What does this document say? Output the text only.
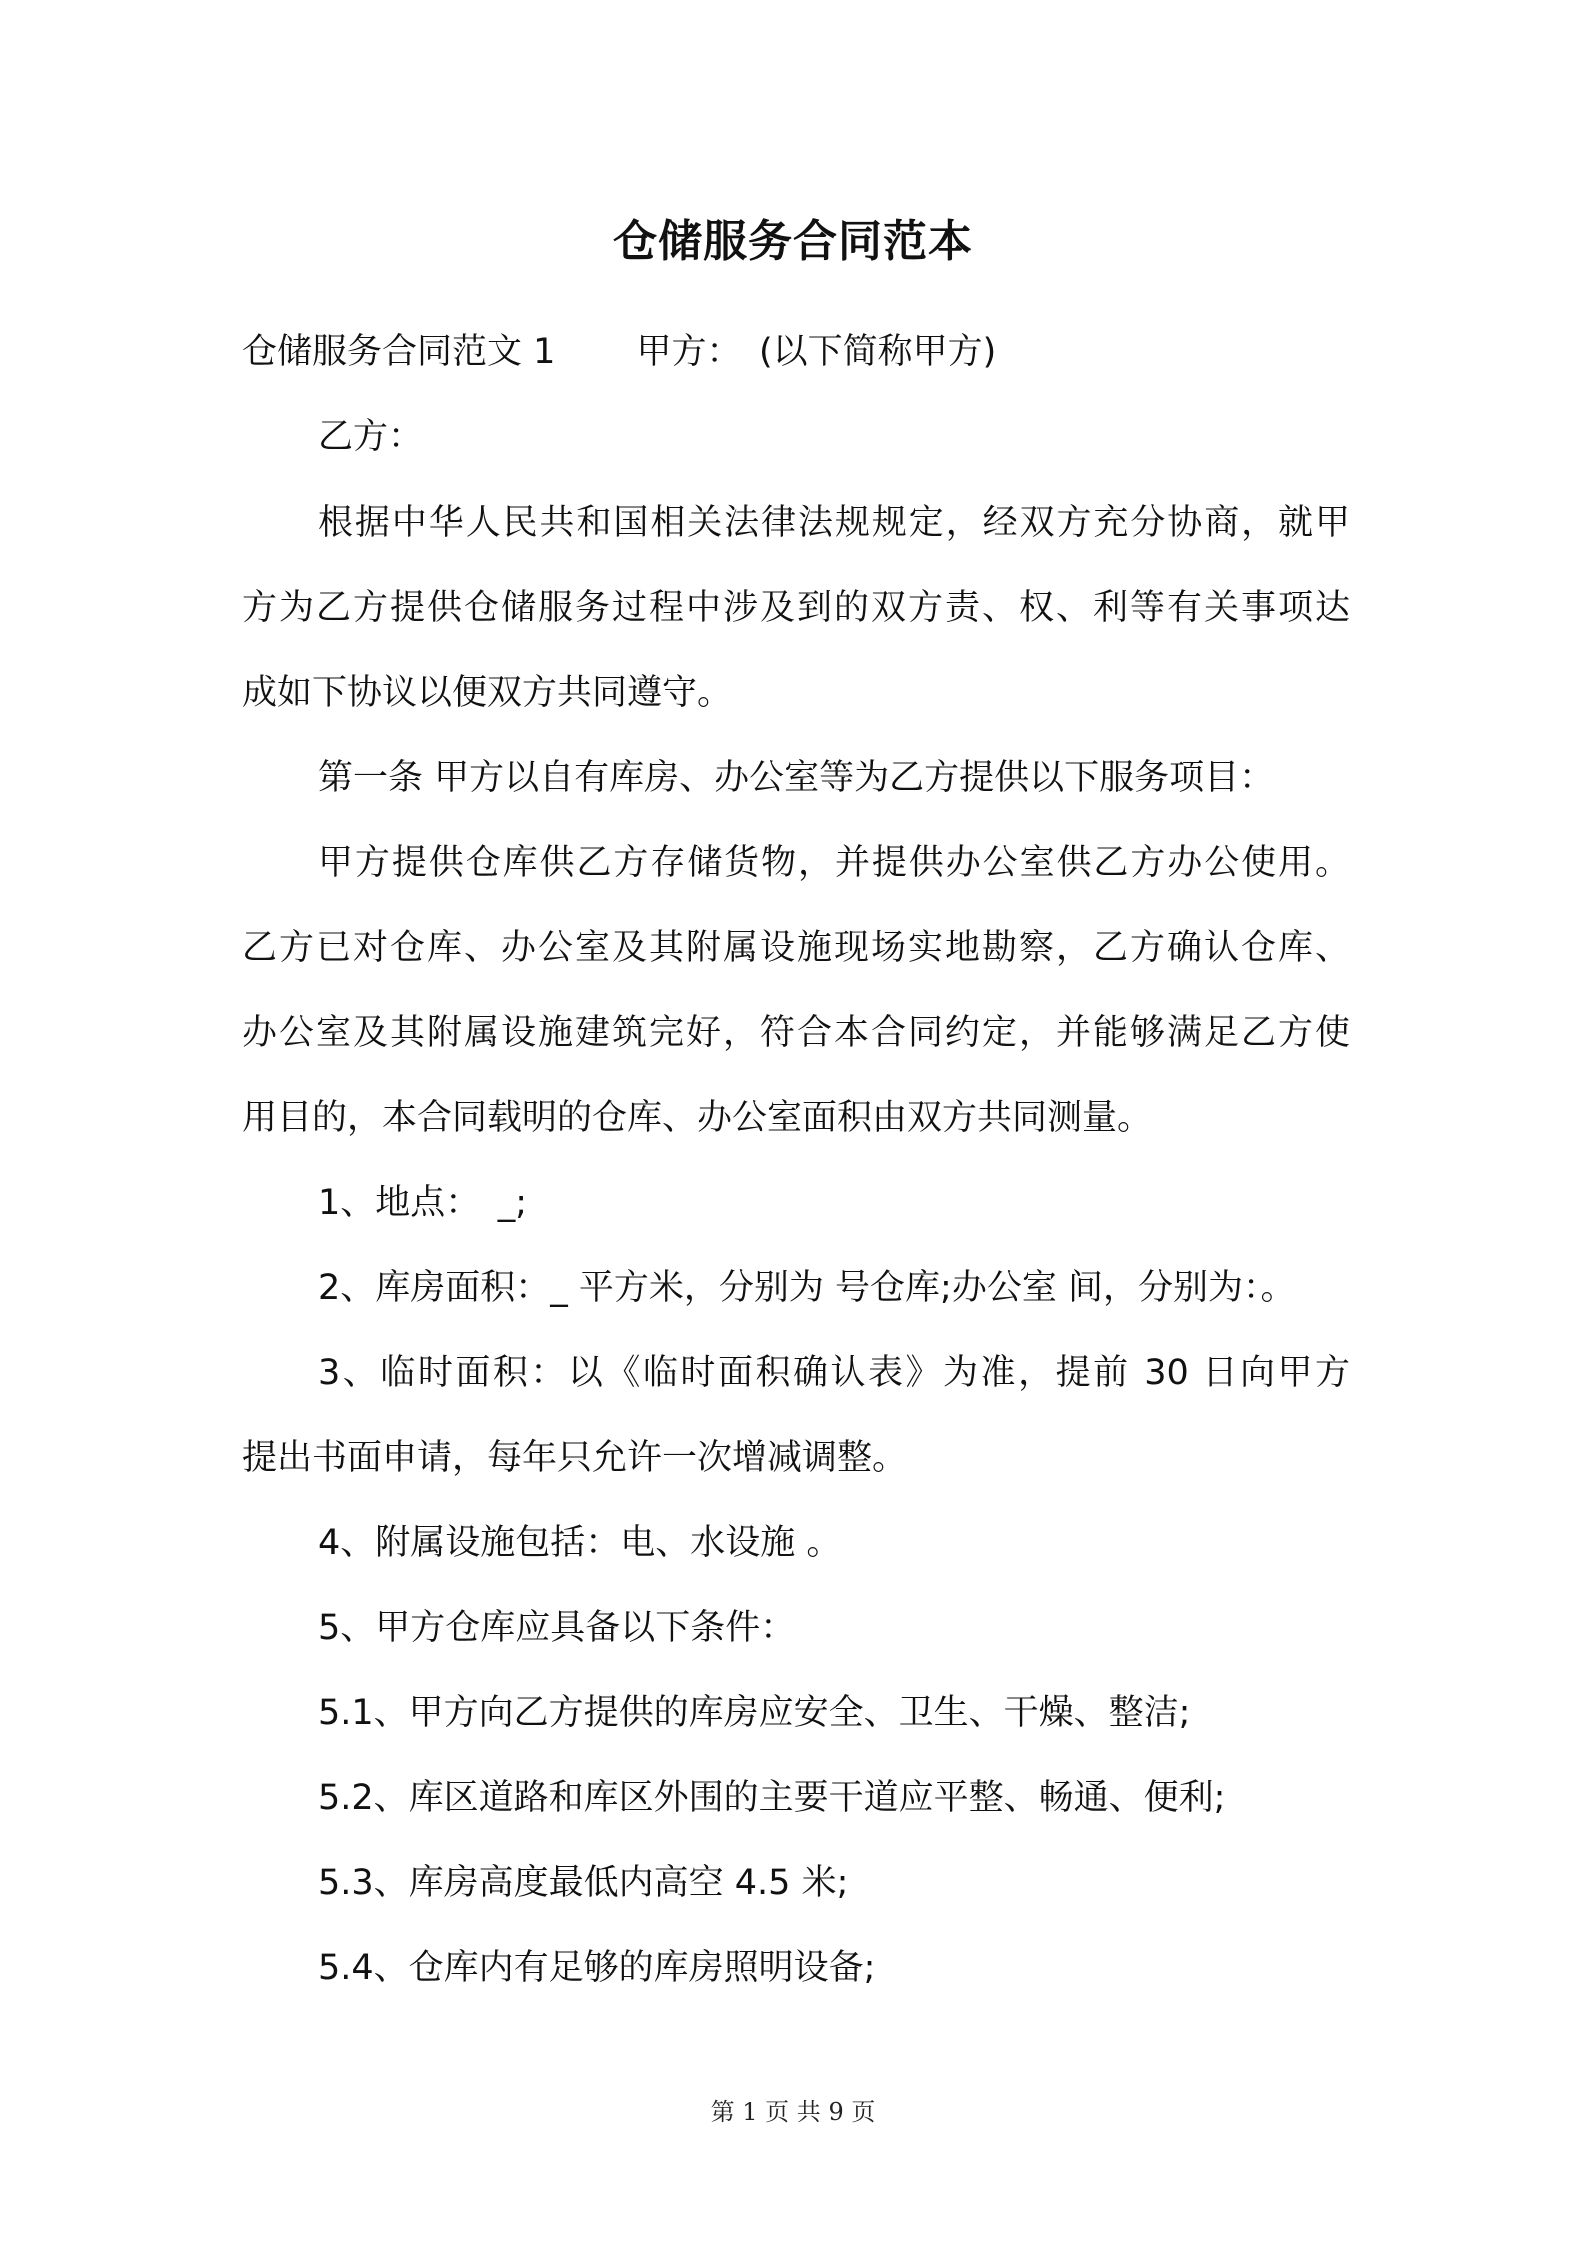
仓储服务合同范本
仓储服务合同范文 1　　 甲方：　(以下简称甲方)
乙方：
根据中华人民共和国相关法律法规规定，经双方充分协商，就甲
方为乙方提供仓储服务过程中涉及到的双方责、权、利等有关事项达
成如下协议以便双方共同遵守。
第一条 甲方以自有库房、办公室等为乙方提供以下服务项目：
甲方提供仓库供乙方存储货物，并提供办公室供乙方办公使用。
乙方已对仓库、办公室及其附属设施现场实地勘察，乙方确认仓库、
办公室及其附属设施建筑完好，符合本合同约定，并能够满足乙方使
用目的，本合同载明的仓库、办公室面积由双方共同测量。
1、地点：　_;
2、库房面积：_ 平方米，分别为 号仓库;办公室 间，分别为：。
3、临时面积：以《临时面积确认表》为准，提前 30 日向甲方
提出书面申请，每年只允许一次增减调整。
4、附属设施包括：电、水设施 。
5、甲方仓库应具备以下条件：
5.1、甲方向乙方提供的库房应安全、卫生、干燥、整洁;
5.2、库区道路和库区外围的主要干道应平整、畅通、便利;
5.3、库房高度最低内高空 4.5 米;
5.4、仓库内有足够的库房照明设备;
第 1 页 共 9 页
